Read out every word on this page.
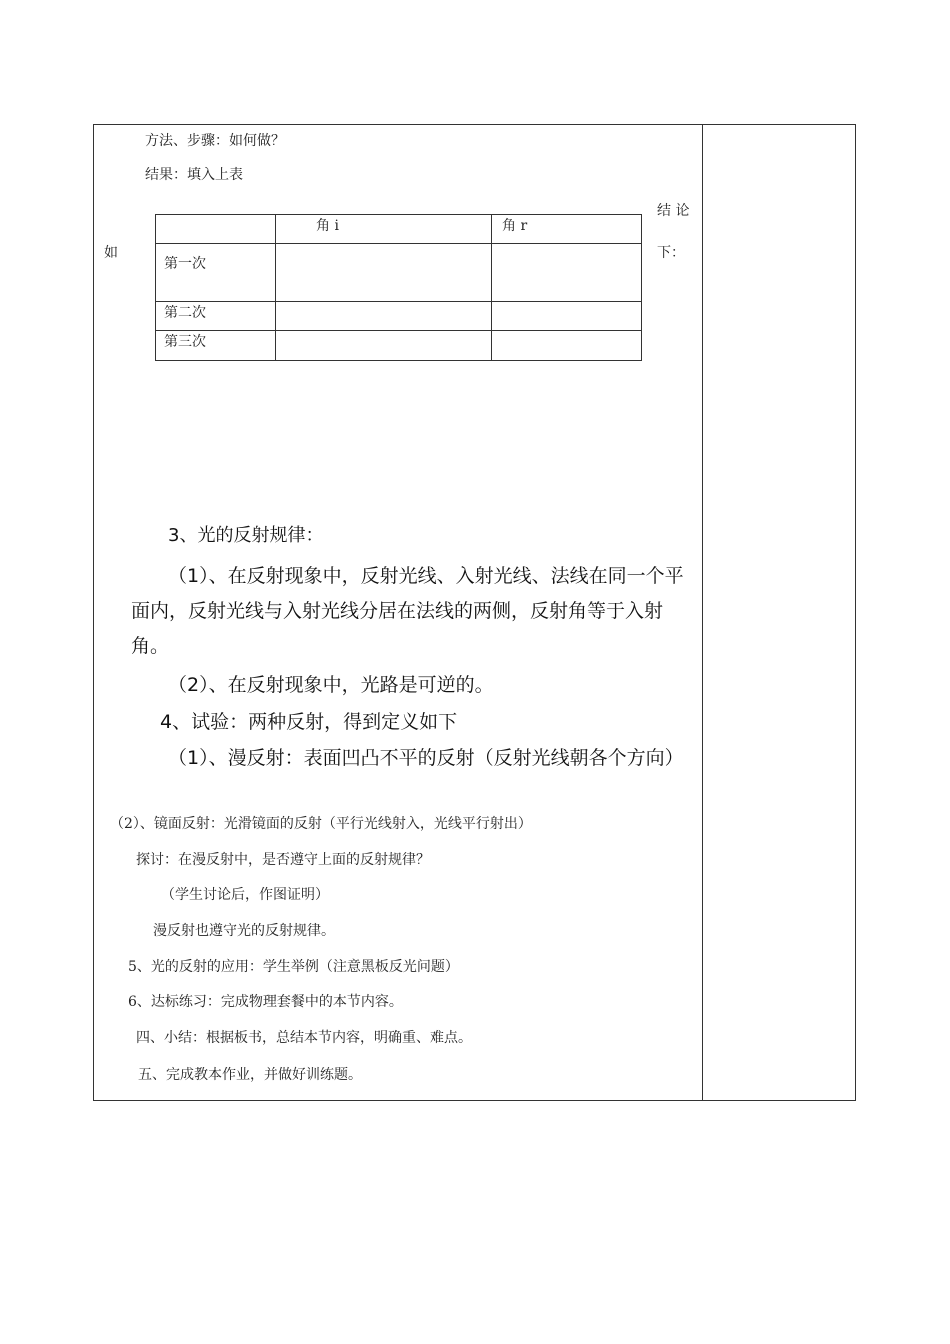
方法、步骤：如何做？
结果：填入上表
如
结 论
下：
	角 i	角 r
第一次		
第二次		
第三次		
3、光的反射规律：
（1）、在反射现象中，反射光线、入射光线、法线在同一个平
面内，反射光线与入射光线分居在法线的两侧，反射角等于入射
角。
（2）、在反射现象中，光路是可逆的。
4、试验：两种反射，得到定义如下
（1）、漫反射：表面凹凸不平的反射（反射光线朝各个方向）
（2）、镜面反射：光滑镜面的反射（平行光线射入，光线平行射出）
探讨：在漫反射中，是否遵守上面的反射规律？
（学生讨论后，作图证明）
漫反射也遵守光的反射规律。
5、光的反射的应用：学生举例（注意黑板反光问题）
6、达标练习：完成物理套餐中的本节内容。
四、小结：根据板书，总结本节内容，明确重、难点。
五、完成教本作业，并做好训练题。
